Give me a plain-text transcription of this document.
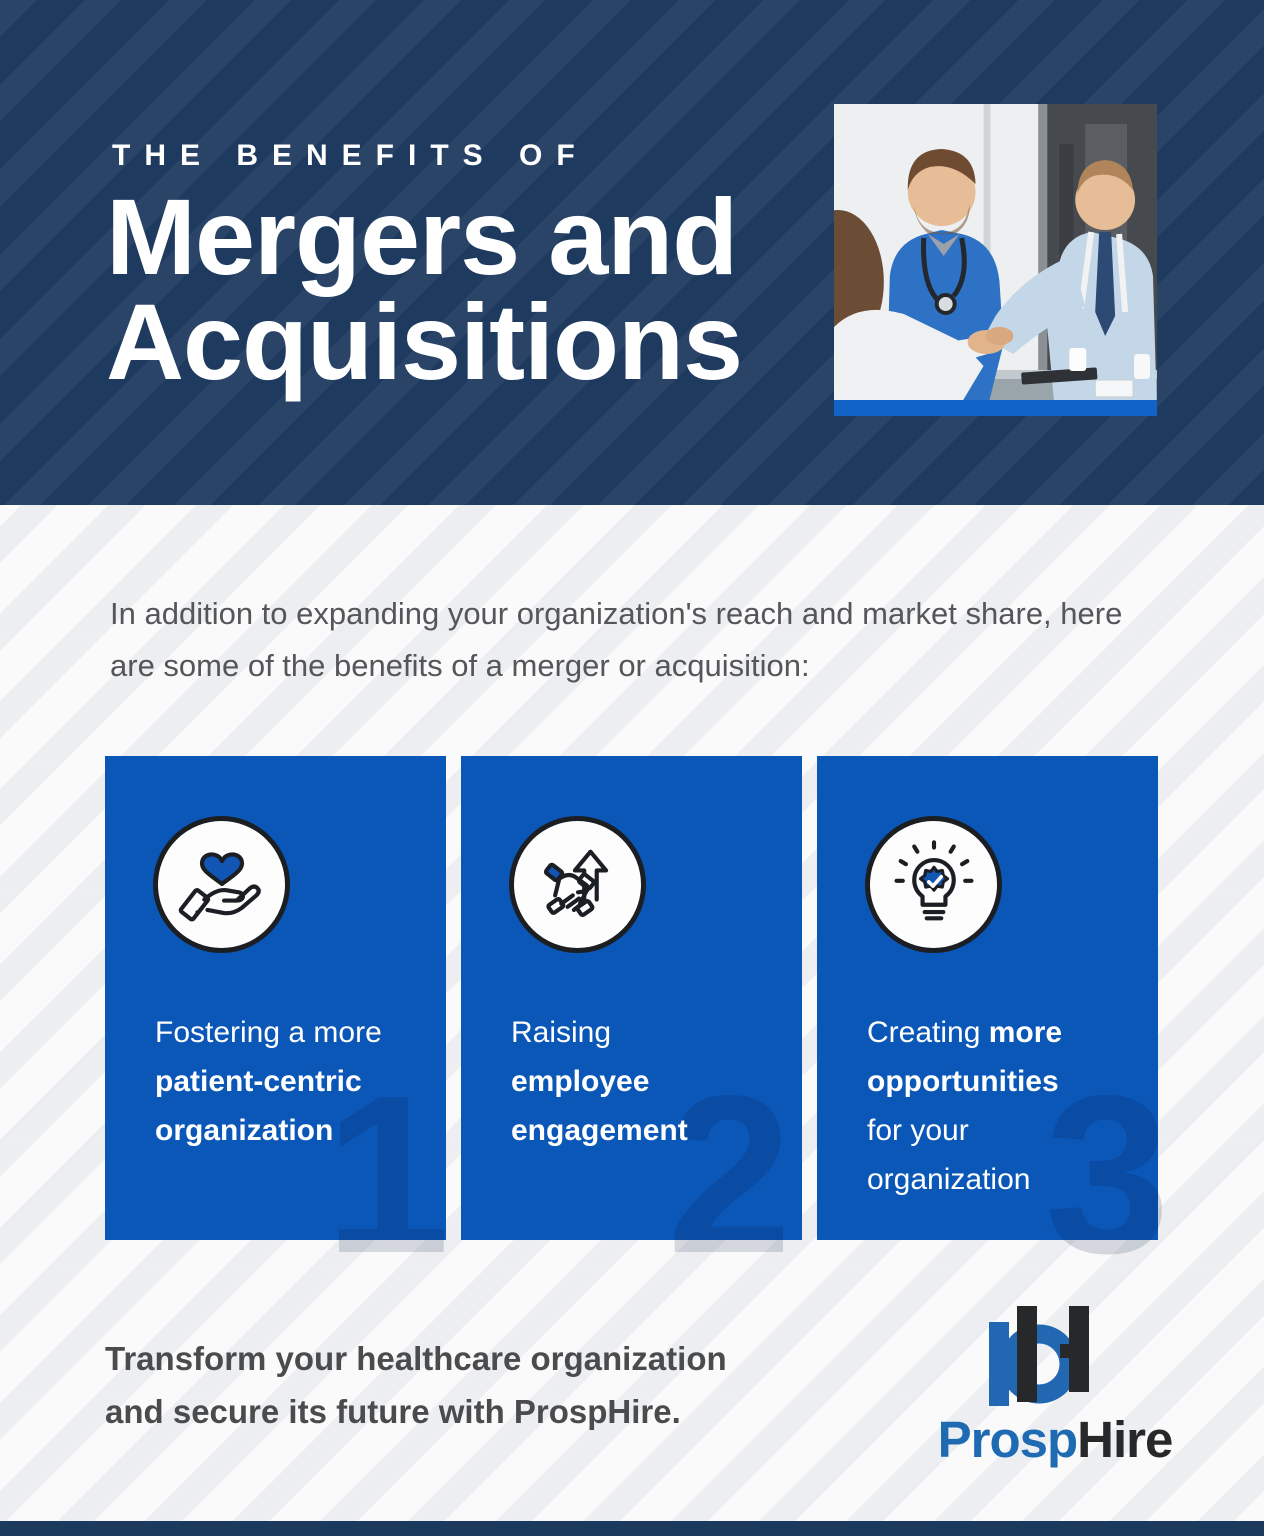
THE BENEFITS OF
Mergers and
Acquisitions
In addition to expanding your organization's reach and market share, here are some of the benefits of a merger or acquisition:
Fostering a more
patient-centric
organization
1
Raising
employee
engagement
2
Creating more
opportunities
for your
organization 3
Transform your healthcare organization
and secure its future with ProspHire.	ProspHire
